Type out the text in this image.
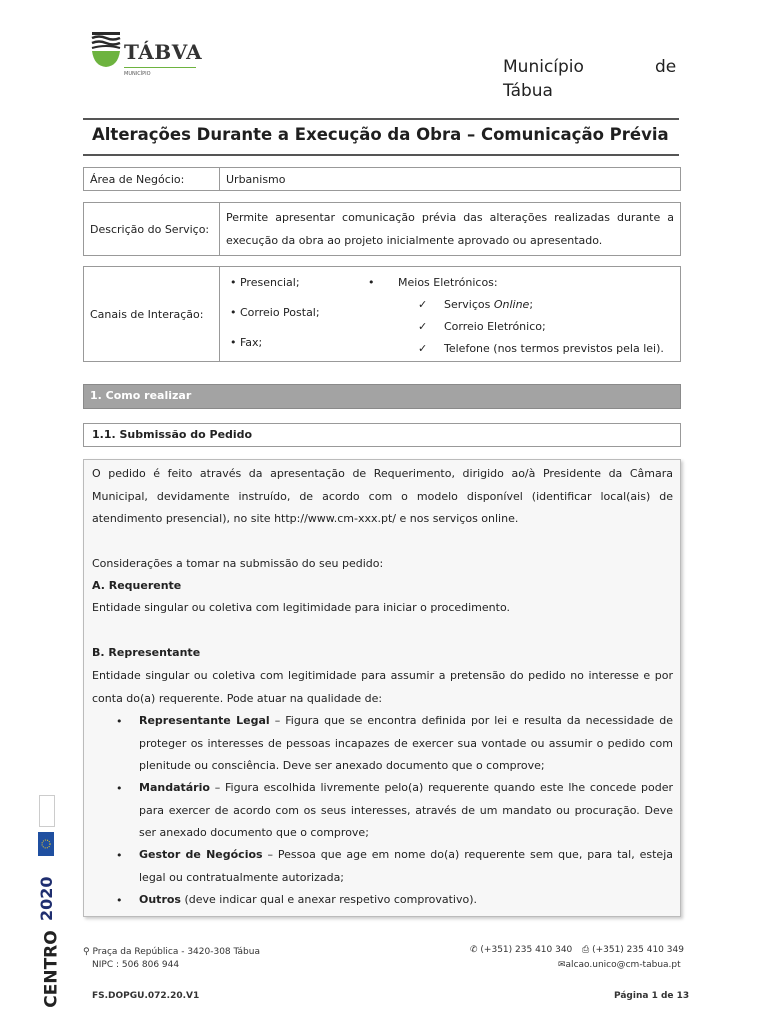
TÁBVA
MUNICÍPIO	Município	de
Tábua
Alterações Durante a Execução da Obra – Comunicação Prévia
Área de Negócio:	Urbanismo
Descrição do Serviço:	Permite apresentar comunicação prévia das alterações realizadas durante a execução da obra ao projeto inicialmente aprovado ou apresentado.
Canais de Interação:	
• Presencial;
• Correio Postal;
• Fax;
• Meios Eletrónicos:
✓ Serviços Online;
✓ Correio Eletrónico;
✓ Telefone (nos termos previstos pela lei).
1. Como realizar
1.1. Submissão do Pedido
O pedido é feito através da apresentação de Requerimento, dirigido ao/à Presidente da Câmara Municipal, devidamente instruído, de acordo com o modelo disponível (identificar local(ais) de atendimento presencial), no site http://www.cm-xxx.pt/ e nos serviços online.
Considerações a tomar na submissão do seu pedido:
A. Requerente
Entidade singular ou coletiva com legitimidade para iniciar o procedimento.
B. Representante
Entidade singular ou coletiva com legitimidade para assumir a pretensão do pedido no interesse e por conta do(a) requerente. Pode atuar na qualidade de:
• Representante Legal – Figura que se encontra definida por lei e resulta da necessidade de proteger os interesses de pessoas incapazes de exercer sua vontade ou assumir o pedido com plenitude ou consciência. Deve ser anexado documento que o comprove;
• Mandatário – Figura escolhida livremente pelo(a) requerente quando este lhe concede poder para exercer de acordo com os seus interesses, através de um mandato ou procuração. Deve ser anexado documento que o comprove;
• Gestor de Negócios – Pessoa que age em nome do(a) requerente sem que, para tal, esteja legal ou contratualmente autorizada;
• Outros (deve indicar qual e anexar respetivo comprovativo).
2020
CENTRO ⚲ Praça da República - 3420-308 Tábua
NIPC : 506 806 944
✆ (+351) 235 410 340 ⎙ (+351) 235 410 349
✉alcao.unico@cm-tabua.pt
FS.DOPGU.072.20.V1	Página 1 de 13
